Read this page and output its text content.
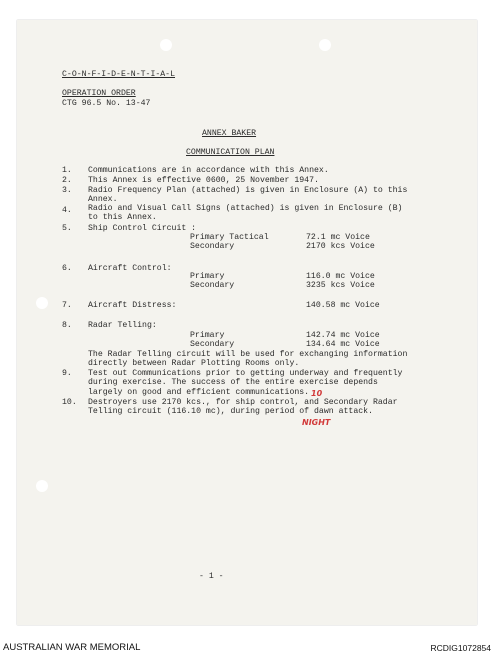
C-O-N-F-I-D-E-N-T-I-A-L
OPERATION ORDER
CTG 96.5 No. 13-47
ANNEX BAKER
COMMUNICATION PLAN
1. Communications are in accordance with this Annex.
2. This Annex is effective 0600, 25 November 1947.
3. Radio Frequency Plan (attached) is given in Enclosure (A) to this
Annex.
4. Radio and Visual Call Signs (attached) is given in Enclosure (B)
to this Annex.
5. Ship Control Circuit :
Primary Tactical	72.1 mc Voice
Secondary	2170 kcs Voice
6. Aircraft Control:
Primary	116.0 mc Voice
Secondary	3235 kcs Voice
7. Aircraft Distress:	140.58 mc Voice
8. Radar Telling:
Primary	142.74 mc Voice
Secondary	134.64 mc Voice
The Radar Telling circuit will be used for exchanging information
directly between Radar Plotting Rooms only.
9. Test out Communications prior to getting underway and frequently
during exercise. The success of the entire exercise depends
largely on good and efficient communications.
10. Destroyers use 2170 kcs., for ship control, and Secondary Radar
Telling circuit (116.10 mc), during period of dawn attack.
10
NIGHT
- 1 -
AUSTRALIAN WAR MEMORIAL	RCDIG1072854
